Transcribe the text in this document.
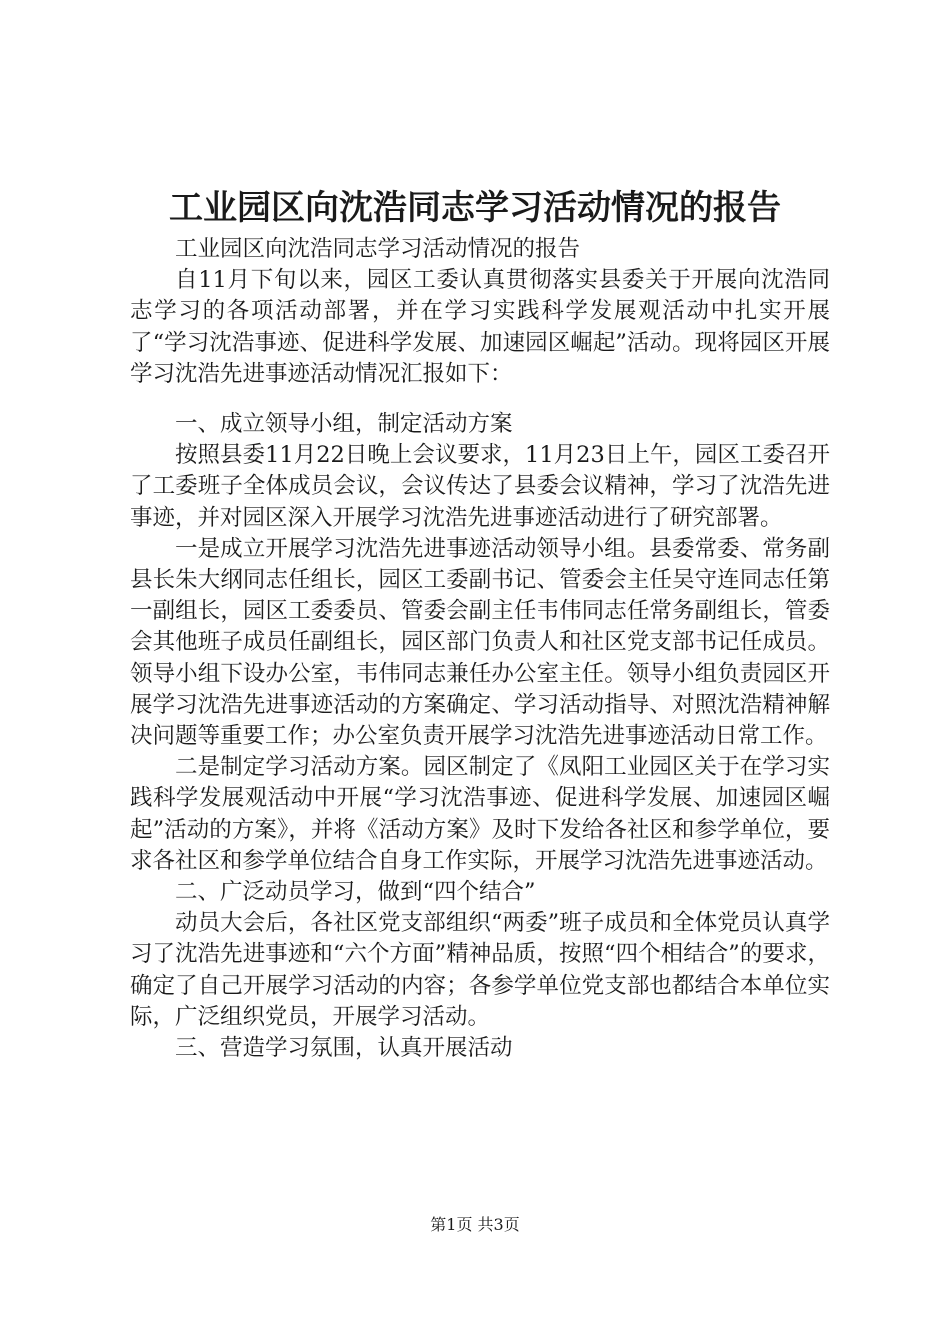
工业园区向沈浩同志学习活动情况的报告

工业园区向沈浩同志学习活动情况的报告

自11月下旬以来，园区工委认真贯彻落实县委关于开展向沈浩同志学习的各项活动部署，并在学习实践科学发展观活动中扎实开展了“学习沈浩事迹、促进科学发展、加速园区崛起”活动。现将园区开展学习沈浩先进事迹活动情况汇报如下：

一、成立领导小组，制定活动方案

按照县委11月22日晚上会议要求，11月23日上午，园区工委召开了工委班子全体成员会议，会议传达了县委会议精神，学习了沈浩先进事迹，并对园区深入开展学习沈浩先进事迹活动进行了研究部署。

一是成立开展学习沈浩先进事迹活动领导小组。县委常委、常务副县长朱大纲同志任组长，园区工委副书记、管委会主任吴守连同志任第一副组长，园区工委委员、管委会副主任韦伟同志任常务副组长，管委会其他班子成员任副组长，园区部门负责人和社区党支部书记任成员。领导小组下设办公室，韦伟同志兼任办公室主任。领导小组负责园区开展学习沈浩先进事迹活动的方案确定、学习活动指导、对照沈浩精神解决问题等重要工作；办公室负责开展学习沈浩先进事迹活动日常工作。

二是制定学习活动方案。园区制定了《凤阳工业园区关于在学习实践科学发展观活动中开展“学习沈浩事迹、促进科学发展、加速园区崛起”活动的方案》，并将《活动方案》及时下发给各社区和参学单位，要求各社区和参学单位结合自身工作实际，开展学习沈浩先进事迹活动。

二、广泛动员学习，做到“四个结合”

动员大会后，各社区党支部组织“两委”班子成员和全体党员认真学习了沈浩先进事迹和“六个方面”精神品质，按照“四个相结合”的要求，确定了自己开展学习活动的内容；各参学单位党支部也都结合本单位实际，广泛组织党员，开展学习活动。

三、营造学习氛围，认真开展活动

第1页 共3页
